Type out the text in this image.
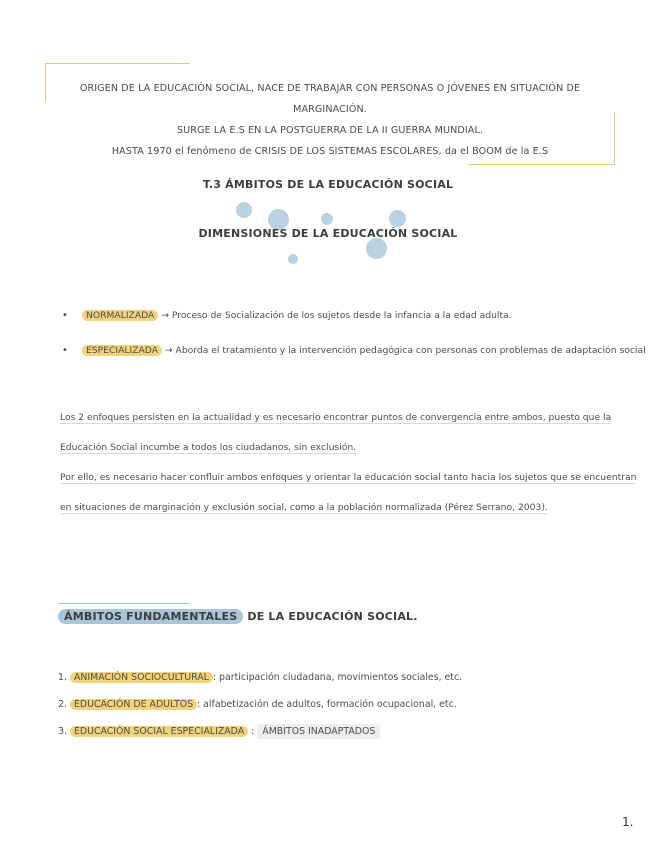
ORIGEN DE LA EDUCACIÓN SOCIAL, NACE DE TRABAJAR CON PERSONAS O JÓVENES EN SITUACIÓN DE MARGINACIÓN.
SURGE LA E.S EN LA POSTGUERRA DE LA II GUERRA MUNDIAL.
HASTA 1970 el fenómeno de CRISIS DE LOS SISTEMAS ESCOLARES, da el BOOM de la E.S
T.3 ÁMBITOS DE LA EDUCACIÓN SOCIAL
DIMENSIONES DE LA EDUCACIÓN SOCIAL
• NORMALIZADA → Proceso de Socialización de los sujetos desde la infancia a la edad adulta.
• ESPECIALIZADA → Aborda el tratamiento y la intervención pedagógica con personas con problemas de adaptación social
Los 2 enfoques persisten en la actualidad y es necesario encontrar puntos de convergencia entre ambos, puesto que la
Educación Social incumbe a todos los ciudadanos, sin exclusión.
Por ello, es necesario hacer confluir ambos enfoques y orientar la educación social tanto hacia los sujetos que se encuentran
en situaciones de marginación y exclusión social, como a la población normalizada (Pérez Serrano, 2003).
ÁMBITOS FUNDAMENTALES DE LA EDUCACIÓN SOCIAL.
1. ANIMACIÓN SOCIOCULTURAL : participación ciudadana, movimientos sociales, etc.
2. EDUCACIÓN DE ADULTOS : alfabetización de adultos, formación ocupacional, etc.
3. EDUCACIÓN SOCIAL ESPECIALIZADA : ÁMBITOS INADAPTADOS
1.
